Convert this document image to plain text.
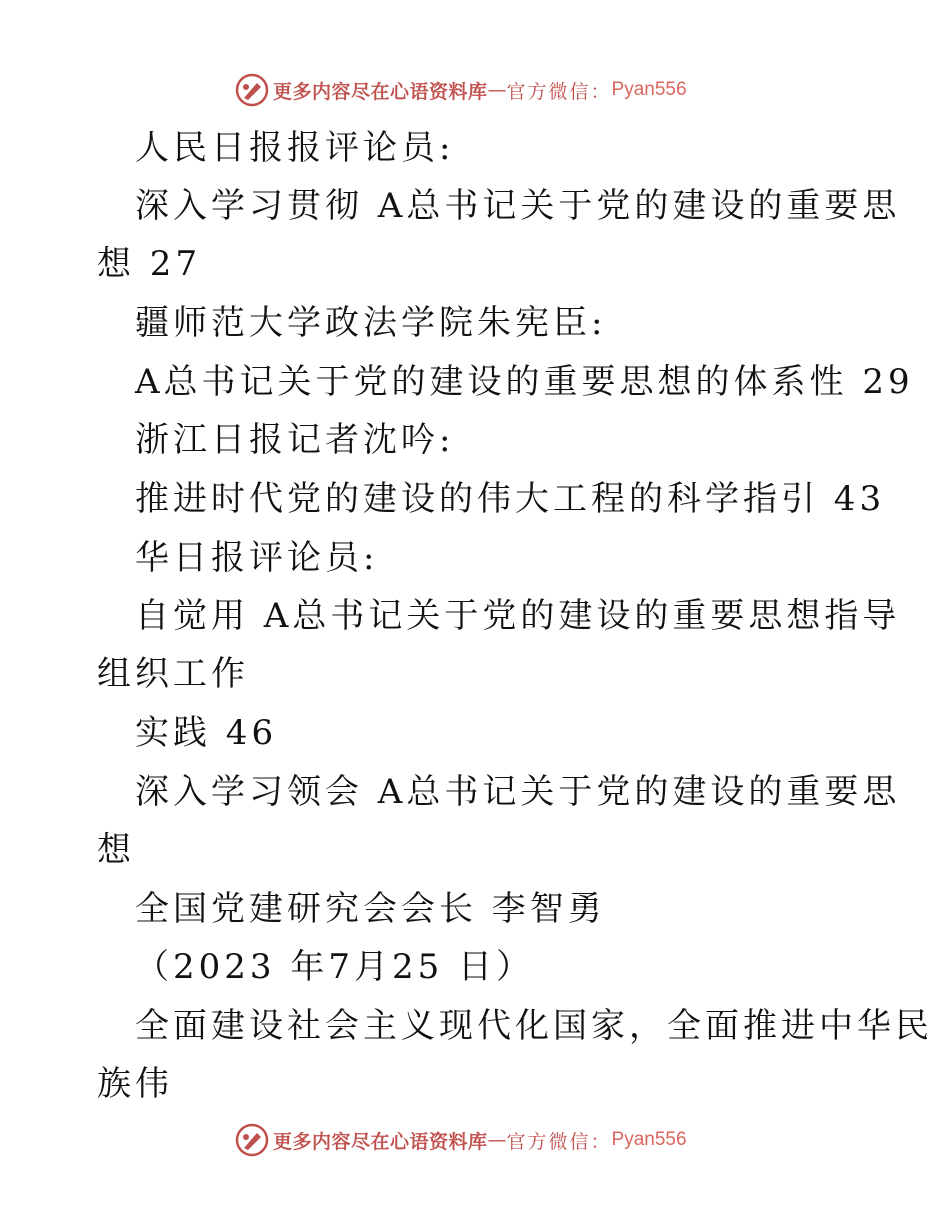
更多内容尽在心语资料库 — 官方微信： Pyan556
人民日报报评论员:
深入学习贯彻 A总书记关于党的建设的重要思
想 27
疆师范大学政法学院朱宪臣:
A总书记关于党的建设的重要思想的体系性 29
浙江日报记者沈吟:
推进时代党的建设的伟大工程的科学指引 43
华日报评论员:
自觉用 A总书记关于党的建设的重要思想指导
组织工作
实践 46
深入学习领会 A总书记关于党的建设的重要思
想
全国党建研究会会长 李智勇
（2023 年7月25 日）
全面建设社会主义现代化国家，全面推进中华民
族伟
更多内容尽在心语资料库 — 官方微信： Pyan556
